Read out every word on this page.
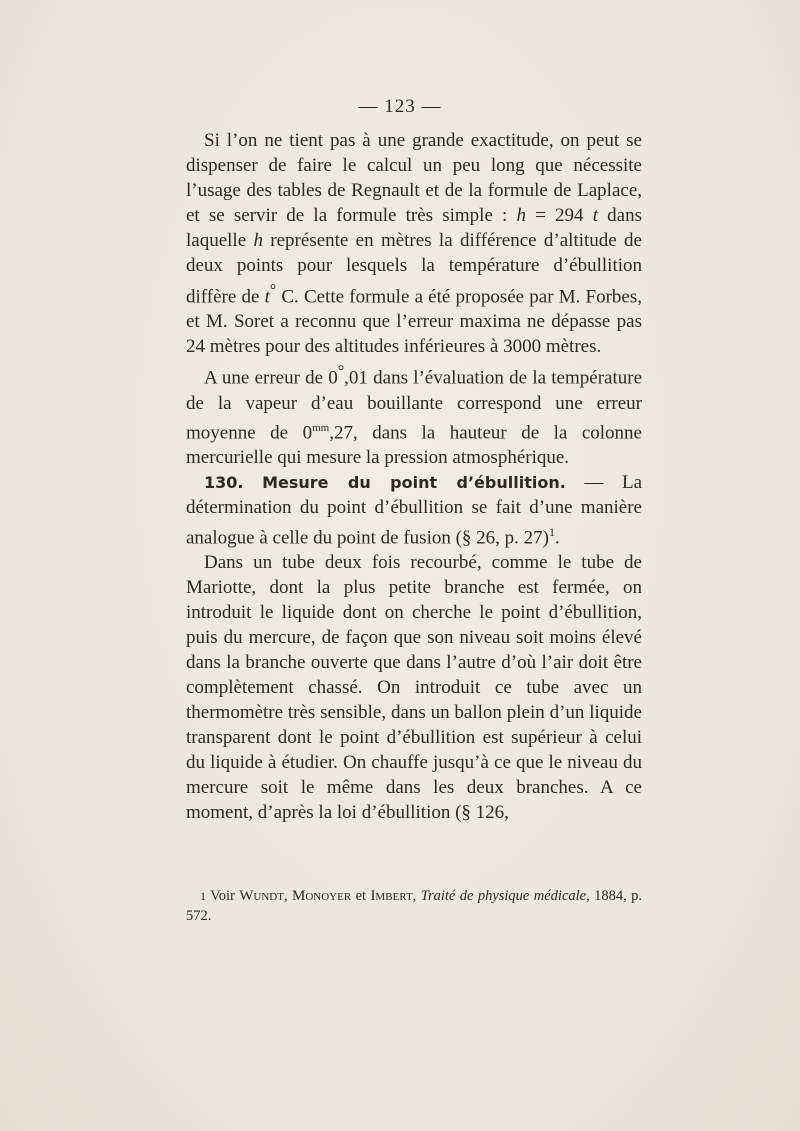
— 123 —

Si l’on ne tient pas à une grande exactitude, on peut se dispenser de faire le calcul un peu long que nécessite l’usage des tables de Regnault et de la formule de Laplace, et se servir de la formule très simple : h = 294 t dans laquelle h représente en mètres la différence d’altitude de deux points pour lesquels la température d’ébullition diffère de t° C. Cette formule a été proposée par M. Forbes, et M. Soret a reconnu que l’erreur maxima ne dépasse pas 24 mètres pour des altitudes inférieures à 3000 mètres.

A une erreur de 0°,01 dans l’évaluation de la température de la vapeur d’eau bouillante correspond une erreur moyenne de $0^{mm},27$, dans la hauteur de la colonne mercurielle qui mesure la pression atmosphérique.

130. Mesure du point d’ébullition. — La détermination du point d’ébullition se fait d’une manière analogue à celle du point de fusion (§ 26, p. 27)$^1$.

Dans un tube deux fois recourbé, comme le tube de Mariotte, dont la plus petite branche est fermée, on introduit le liquide dont on cherche le point d’ébullition, puis du mercure, de façon que son niveau soit moins élevé dans la branche ouverte que dans l’autre d’où l’air doit être complètement chassé. On introduit ce tube avec un thermomètre très sensible, dans un ballon plein d’un liquide transparent dont le point d’ébullition est supérieur à celui du liquide à étudier. On chauffe jusqu’à ce que le niveau du mercure soit le même dans les deux branches. A ce moment, d’après la loi d’ébullition (§ 126,

1 Voir Wundt, Monoyer et Imbert, Traité de physique médicale, 1884, p. 572.
